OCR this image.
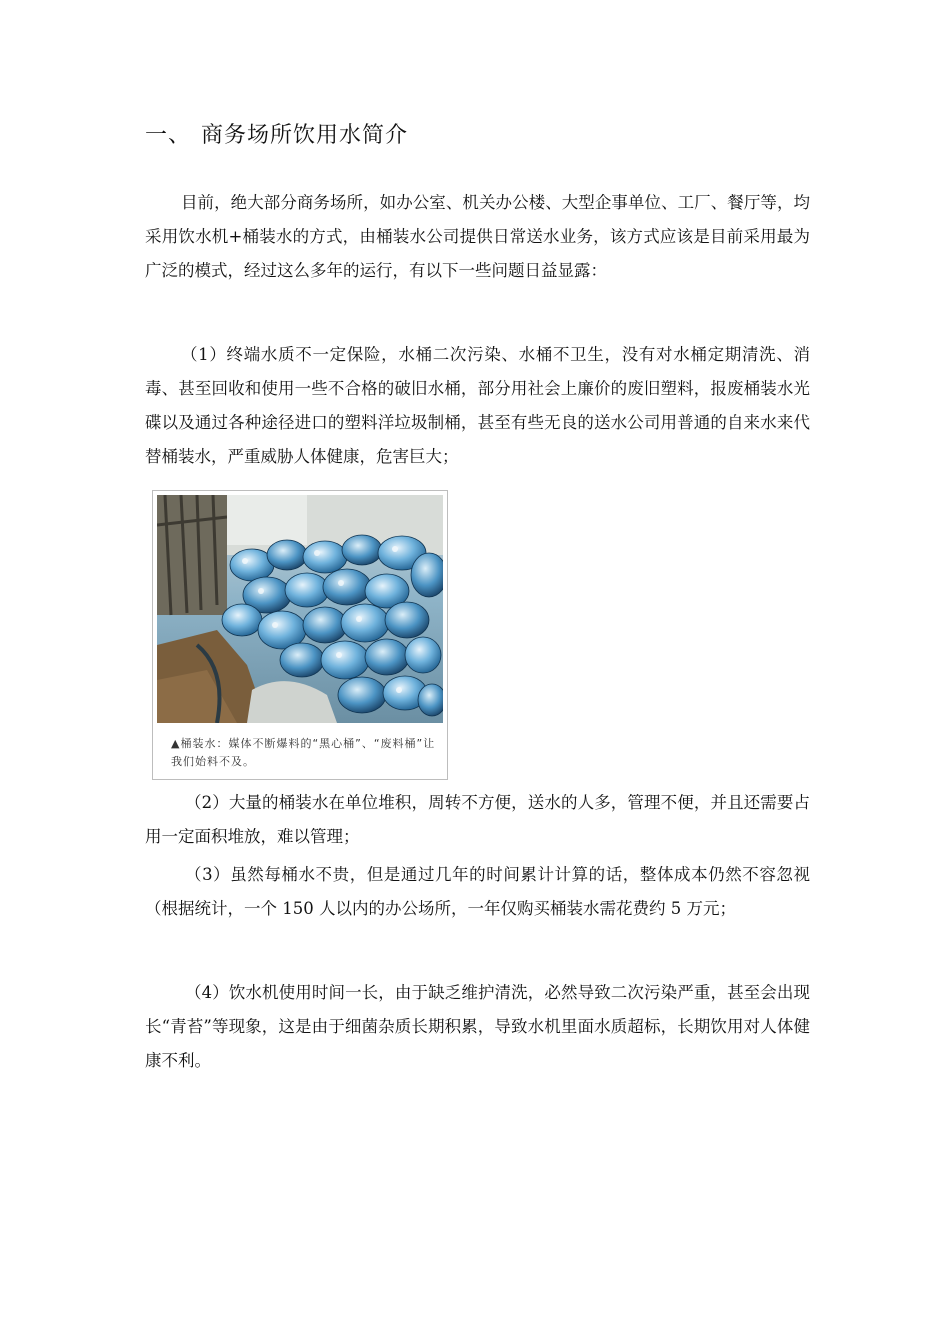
一、 商务场所饮用水简介

目前，绝大部分商务场所，如办公室、机关办公楼、大型企事单位、工厂、餐厅等，均采用饮水机+桶装水的方式，由桶装水公司提供日常送水业务，该方式应该是目前采用最为广泛的模式，经过这么多年的运行，有以下一些问题日益显露：

（1）终端水质不一定保险，水桶二次污染、水桶不卫生，没有对水桶定期清洗、消毒、甚至回收和使用一些不合格的破旧水桶，部分用社会上廉价的废旧塑料，报废桶装水光碟以及通过各种途径进口的塑料洋垃圾制桶，甚至有些无良的送水公司用普通的自来水来代替桶装水，严重威胁人体健康，危害巨大；

▲桶装水：媒体不断爆料的“黑心桶”、“废料桶”让我们始料不及。

（2）大量的桶装水在单位堆积，周转不方便，送水的人多，管理不便，并且还需要占用一定面积堆放，难以管理；

（3）虽然每桶水不贵，但是通过几年的时间累计计算的话，整体成本仍然不容忽视（根据统计，一个 150 人以内的办公场所，一年仅购买桶装水需花费约 5 万元；

（4）饮水机使用时间一长，由于缺乏维护清洗，必然导致二次污染严重，甚至会出现长“青苔”等现象，这是由于细菌杂质长期积累，导致水机里面水质超标，长期饮用对人体健康不利。
